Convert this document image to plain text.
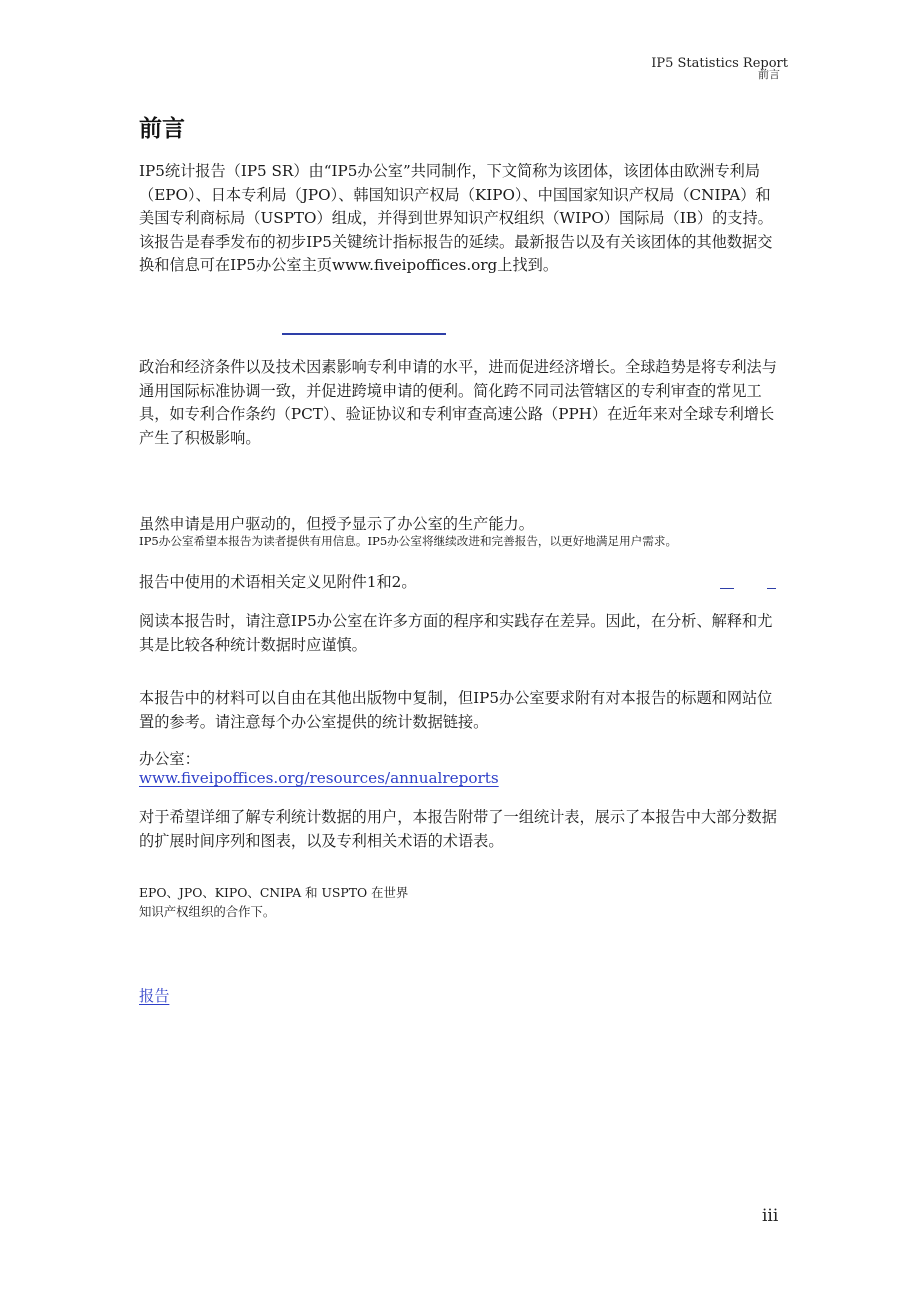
IP5 Statistics Report
前言
前言

IP5统计报告（IP5 SR）由“IP5办公室”共同制作，下文简称为该团体，该团体由欧洲专利局（EPO）、日本专利局（JPO）、韩国知识产权局（KIPO）、中国国家知识产权局（CNIPA）和美国专利商标局（USPTO）组成，并得到世界知识产权组织（WIPO）国际局（IB）的支持。该报告是春季发布的初步IP5关键统计指标报告的延续。最新报告以及有关该团体的其他数据交换和信息可在IP5办公室主页www.fiveipoffices.org上找到。

政治和经济条件以及技术因素影响专利申请的水平，进而促进经济增长。全球趋势是将专利法与通用国际标准协调一致，并促进跨境申请的便利。简化跨不同司法管辖区的专利审查的常见工具，如专利合作条约（PCT）、验证协议和专利审查高速公路（PPH）在近年来对全球专利增长产生了积极影响。

虽然申请是用户驱动的，但授予显示了办公室的生产能力。

IP5办公室希望本报告为读者提供有用信息。IP5办公室将继续改进和完善报告，以更好地满足用户需求。

报告中使用的术语相关定义见附件1和2。

阅读本报告时，请注意IP5办公室在许多方面的程序和实践存在差异。因此，在分析、解释和尤其是比较各种统计数据时应谨慎。

本报告中的材料可以自由在其他出版物中复制，但IP5办公室要求附有对本报告的标题和网站位置的参考。请注意每个办公室提供的统计数据链接。

办公室：

www.fiveipoffices.org/resources/annualreports

对于希望详细了解专利统计数据的用户，本报告附带了一组统计表，展示了本报告中大部分数据的扩展时间序列和图表，以及专利相关术语的术语表。

EPO、JPO、KIPO、CNIPA 和 USPTO 在世界
知识产权组织的合作下。
报告
iii
